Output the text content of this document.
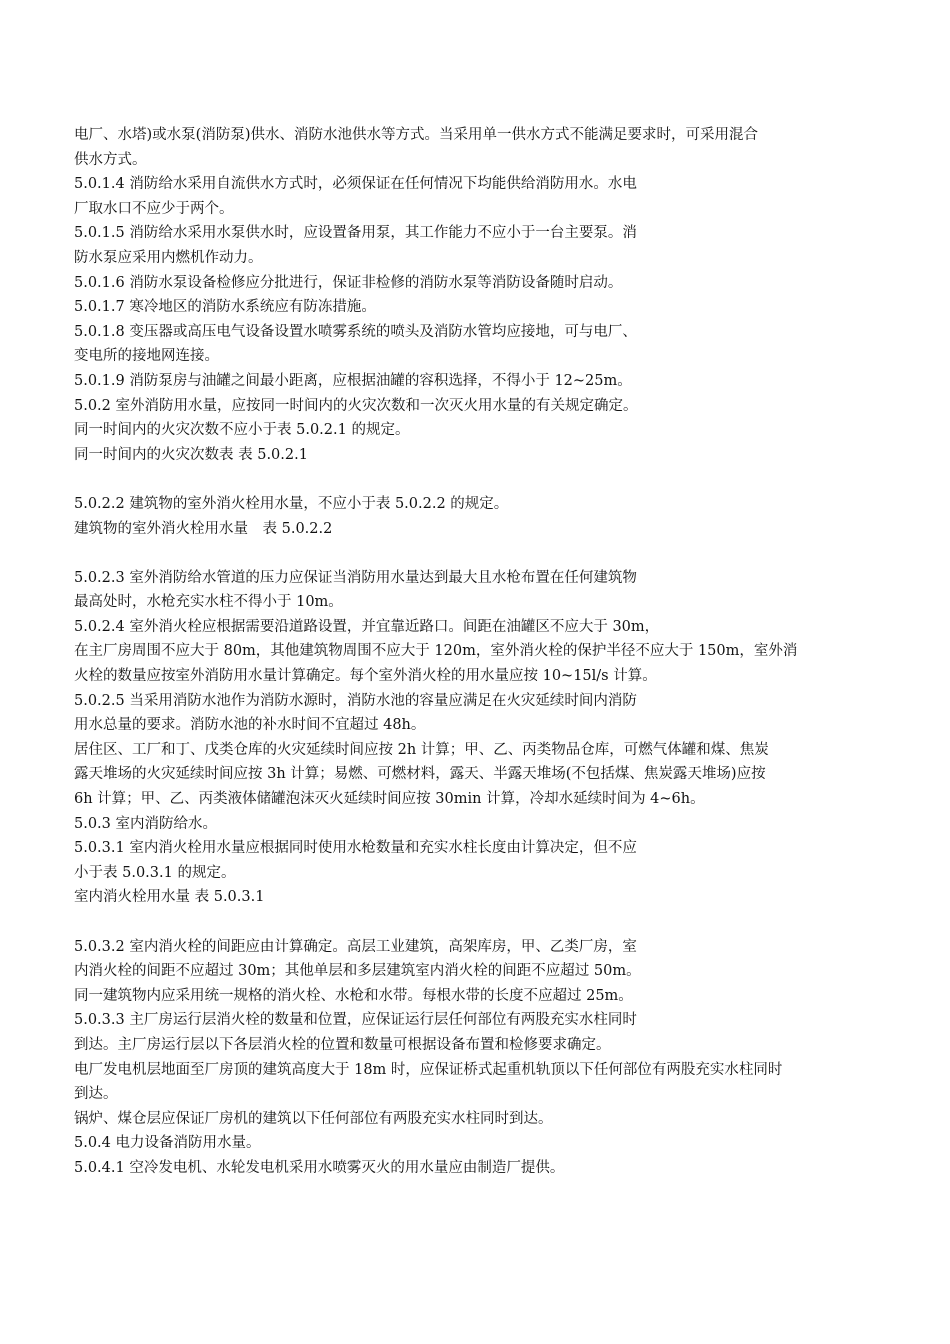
电厂、水塔)或水泵(消防泵)供水、消防水池供水等方式。当采用单一供水方式不能满足要求时，可采用混合
供水方式。
5.0.1.4 消防给水采用自流供水方式时，必须保证在任何情况下均能供给消防用水。水电
厂取水口不应少于两个。
5.0.1.5 消防给水采用水泵供水时，应设置备用泵，其工作能力不应小于一台主要泵。消
防水泵应采用内燃机作动力。
5.0.1.6 消防水泵设备检修应分批进行，保证非检修的消防水泵等消防设备随时启动。
5.0.1.7 寒冷地区的消防水系统应有防冻措施。
5.0.1.8 变压器或高压电气设备设置水喷雾系统的喷头及消防水管均应接地，可与电厂、
变电所的接地网连接。
5.0.1.9 消防泵房与油罐之间最小距离，应根据油罐的容积选择，不得小于 12~25m。
5.0.2 室外消防用水量，应按同一时间内的火灾次数和一次灭火用水量的有关规定确定。
同一时间内的火灾次数不应小于表 5.0.2.1 的规定。
同一时间内的火灾次数表 表 5.0.2.1
5.0.2.2 建筑物的室外消火栓用水量，不应小于表 5.0.2.2 的规定。
建筑物的室外消火栓用水量　表 5.0.2.2
5.0.2.3 室外消防给水管道的压力应保证当消防用水量达到最大且水枪布置在任何建筑物
最高处时，水枪充实水柱不得小于 10m。
5.0.2.4 室外消火栓应根据需要沿道路设置，并宜靠近路口。间距在油罐区不应大于 30m，
在主厂房周围不应大于 80m，其他建筑物周围不应大于 120m，室外消火栓的保护半径不应大于 150m，室外消
火栓的数量应按室外消防用水量计算确定。每个室外消火栓的用水量应按 10~15l/s 计算。
5.0.2.5 当采用消防水池作为消防水源时，消防水池的容量应满足在火灾延续时间内消防
用水总量的要求。消防水池的补水时间不宜超过 48h。
居住区、工厂和丁、戊类仓库的火灾延续时间应按 2h 计算；甲、乙、丙类物品仓库，可燃气体罐和煤、焦炭
露天堆场的火灾延续时间应按 3h 计算；易燃、可燃材料，露天、半露天堆场(不包括煤、焦炭露天堆场)应按
6h 计算；甲、乙、丙类液体储罐泡沫灭火延续时间应按 30min 计算，冷却水延续时间为 4~6h。
5.0.3 室内消防给水。
5.0.3.1 室内消火栓用水量应根据同时使用水枪数量和充实水柱长度由计算决定，但不应
小于表 5.0.3.1 的规定。
室内消火栓用水量 表 5.0.3.1
5.0.3.2 室内消火栓的间距应由计算确定。高层工业建筑，高架库房，甲、乙类厂房，室
内消火栓的间距不应超过 30m；其他单层和多层建筑室内消火栓的间距不应超过 50m。
同一建筑物内应采用统一规格的消火栓、水枪和水带。每根水带的长度不应超过 25m。
5.0.3.3 主厂房运行层消火栓的数量和位置，应保证运行层任何部位有两股充实水柱同时
到达。主厂房运行层以下各层消火栓的位置和数量可根据设备布置和检修要求确定。
电厂发电机层地面至厂房顶的建筑高度大于 18m 时，应保证桥式起重机轨顶以下任何部位有两股充实水柱同时
到达。
锅炉、煤仓层应保证厂房机的建筑以下任何部位有两股充实水柱同时到达。
5.0.4 电力设备消防用水量。
5.0.4.1 空冷发电机、水轮发电机采用水喷雾灭火的用水量应由制造厂提供。
